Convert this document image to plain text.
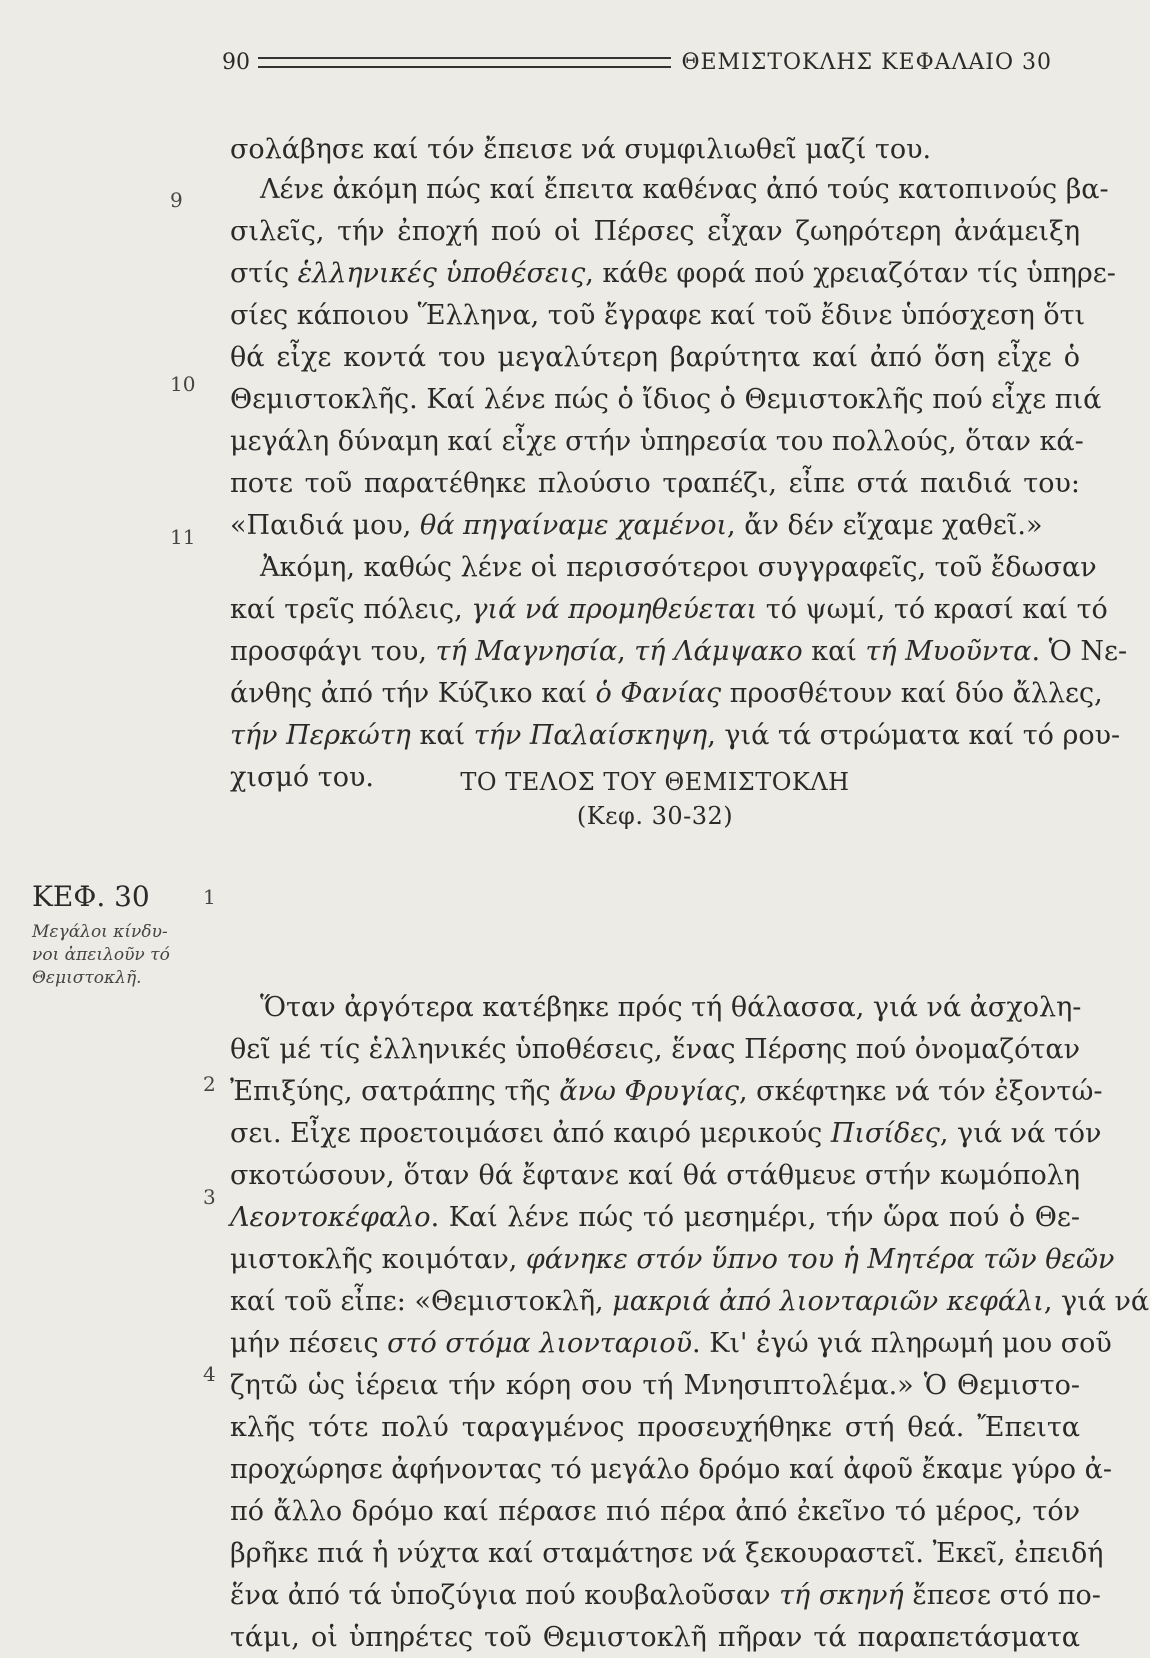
90	ΘΕΜΙΣΤΟΚΛΗΣ ΚΕΦΑΛΑΙΟ 30
ΚΕΦ. 30
Μεγάλοι κίνδυ-
νοι ἀπειλοῦν τό
Θεμιστοκλῆ.
9
10
11
1
2
3
4
ΤΟ ΤΕΛΟΣ ΤΟΥ ΘΕΜΙΣΤΟΚΛΗ
(Κεφ. 30-32)
σολάβησε καί τόν ἔπεισε νά συμφιλιωθεῖ μαζί του.
Λένε ἀκόμη πώς καί ἔπειτα καθένας ἀπό τούς κατοπινούς βα-
σιλεῖς, τήν ἐποχή πού οἱ Πέρσες εἶχαν ζωηρότερη ἀνάμειξη
στίς ἑλληνικές ὑποθέσεις, κάθε φορά πού χρειαζόταν τίς ὑπηρε-
σίες κάποιου Ἕλληνα, τοῦ ἔγραφε καί τοῦ ἔδινε ὑπόσχεση ὅτι
θά εἶχε κοντά του μεγαλύτερη βαρύτητα καί ἀπό ὅση εἶχε ὁ
Θεμιστοκλῆς. Καί λένε πώς ὁ ἴδιος ὁ Θεμιστοκλῆς πού εἶχε πιά
μεγάλη δύναμη καί εἶχε στήν ὑπηρεσία του πολλούς, ὅταν κά-
ποτε τοῦ παρατέθηκε πλούσιο τραπέζι, εἶπε στά παιδιά του:
«Παιδιά μου, θά πηγαίναμε χαμένοι, ἄν δέν εἴχαμε χαθεῖ.»
Ἀκόμη, καθώς λένε οἱ περισσότεροι συγγραφεῖς, τοῦ ἔδωσαν
καί τρεῖς πόλεις, γιά νά προμηθεύεται τό ψωμί, τό κρασί καί τό
προσφάγι του, τή Μαγνησία, τή Λάμψακο καί τή Μυοῦντα. Ὁ Νε-
άνθης ἀπό τήν Κύζικο καί ὁ Φανίας προσθέτουν καί δύο ἄλλες,
τήν Περκώτη καί τήν Παλαίσκηψη, γιά τά στρώματα καί τό ρου-
χισμό του.
Ὅταν ἀργότερα κατέβηκε πρός τή θάλασσα, γιά νά ἀσχολη-
θεῖ μέ τίς ἑλληνικές ὑποθέσεις, ἕνας Πέρσης πού ὀνομαζόταν
Ἐπιξύης, σατράπης τῆς ἄνω Φρυγίας, σκέφτηκε νά τόν ἐξοντώ-
σει. Εἶχε προετοιμάσει ἀπό καιρό μερικούς Πισίδες, γιά νά τόν
σκοτώσουν, ὅταν θά ἔφτανε καί θά στάθμευε στήν κωμόπολη
Λεοντοκέφαλο. Καί λένε πώς τό μεσημέρι, τήν ὥρα πού ὁ Θε-
μιστοκλῆς κοιμόταν, φάνηκε στόν ὕπνο του ἡ Μητέρα τῶν θεῶν
καί τοῦ εἶπε: «Θεμιστοκλῆ, μακριά ἀπό λιονταριῶν κεφάλι, γιά νά
μήν πέσεις στό στόμα λιονταριοῦ. Κι' ἐγώ γιά πληρωμή μου σοῦ
ζητῶ ὡς ἱέρεια τήν κόρη σου τή Μνησιπτολέμα.» Ὁ Θεμιστο-
κλῆς τότε πολύ ταραγμένος προσευχήθηκε στή θεά. Ἔπειτα
προχώρησε ἀφήνοντας τό μεγάλο δρόμο καί ἀφοῦ ἔκαμε γύρο ἀ-
πό ἄλλο δρόμο καί πέρασε πιό πέρα ἀπό ἐκεῖνο τό μέρος, τόν
βρῆκε πιά ἡ νύχτα καί σταμάτησε νά ξεκουραστεῖ. Ἐκεῖ, ἐπειδή
ἕνα ἀπό τά ὑποζύγια πού κουβαλοῦσαν τή σκηνή ἔπεσε στό πο-
τάμι, οἱ ὑπηρέτες τοῦ Θεμιστοκλῆ πῆραν τά παραπετάσματα
